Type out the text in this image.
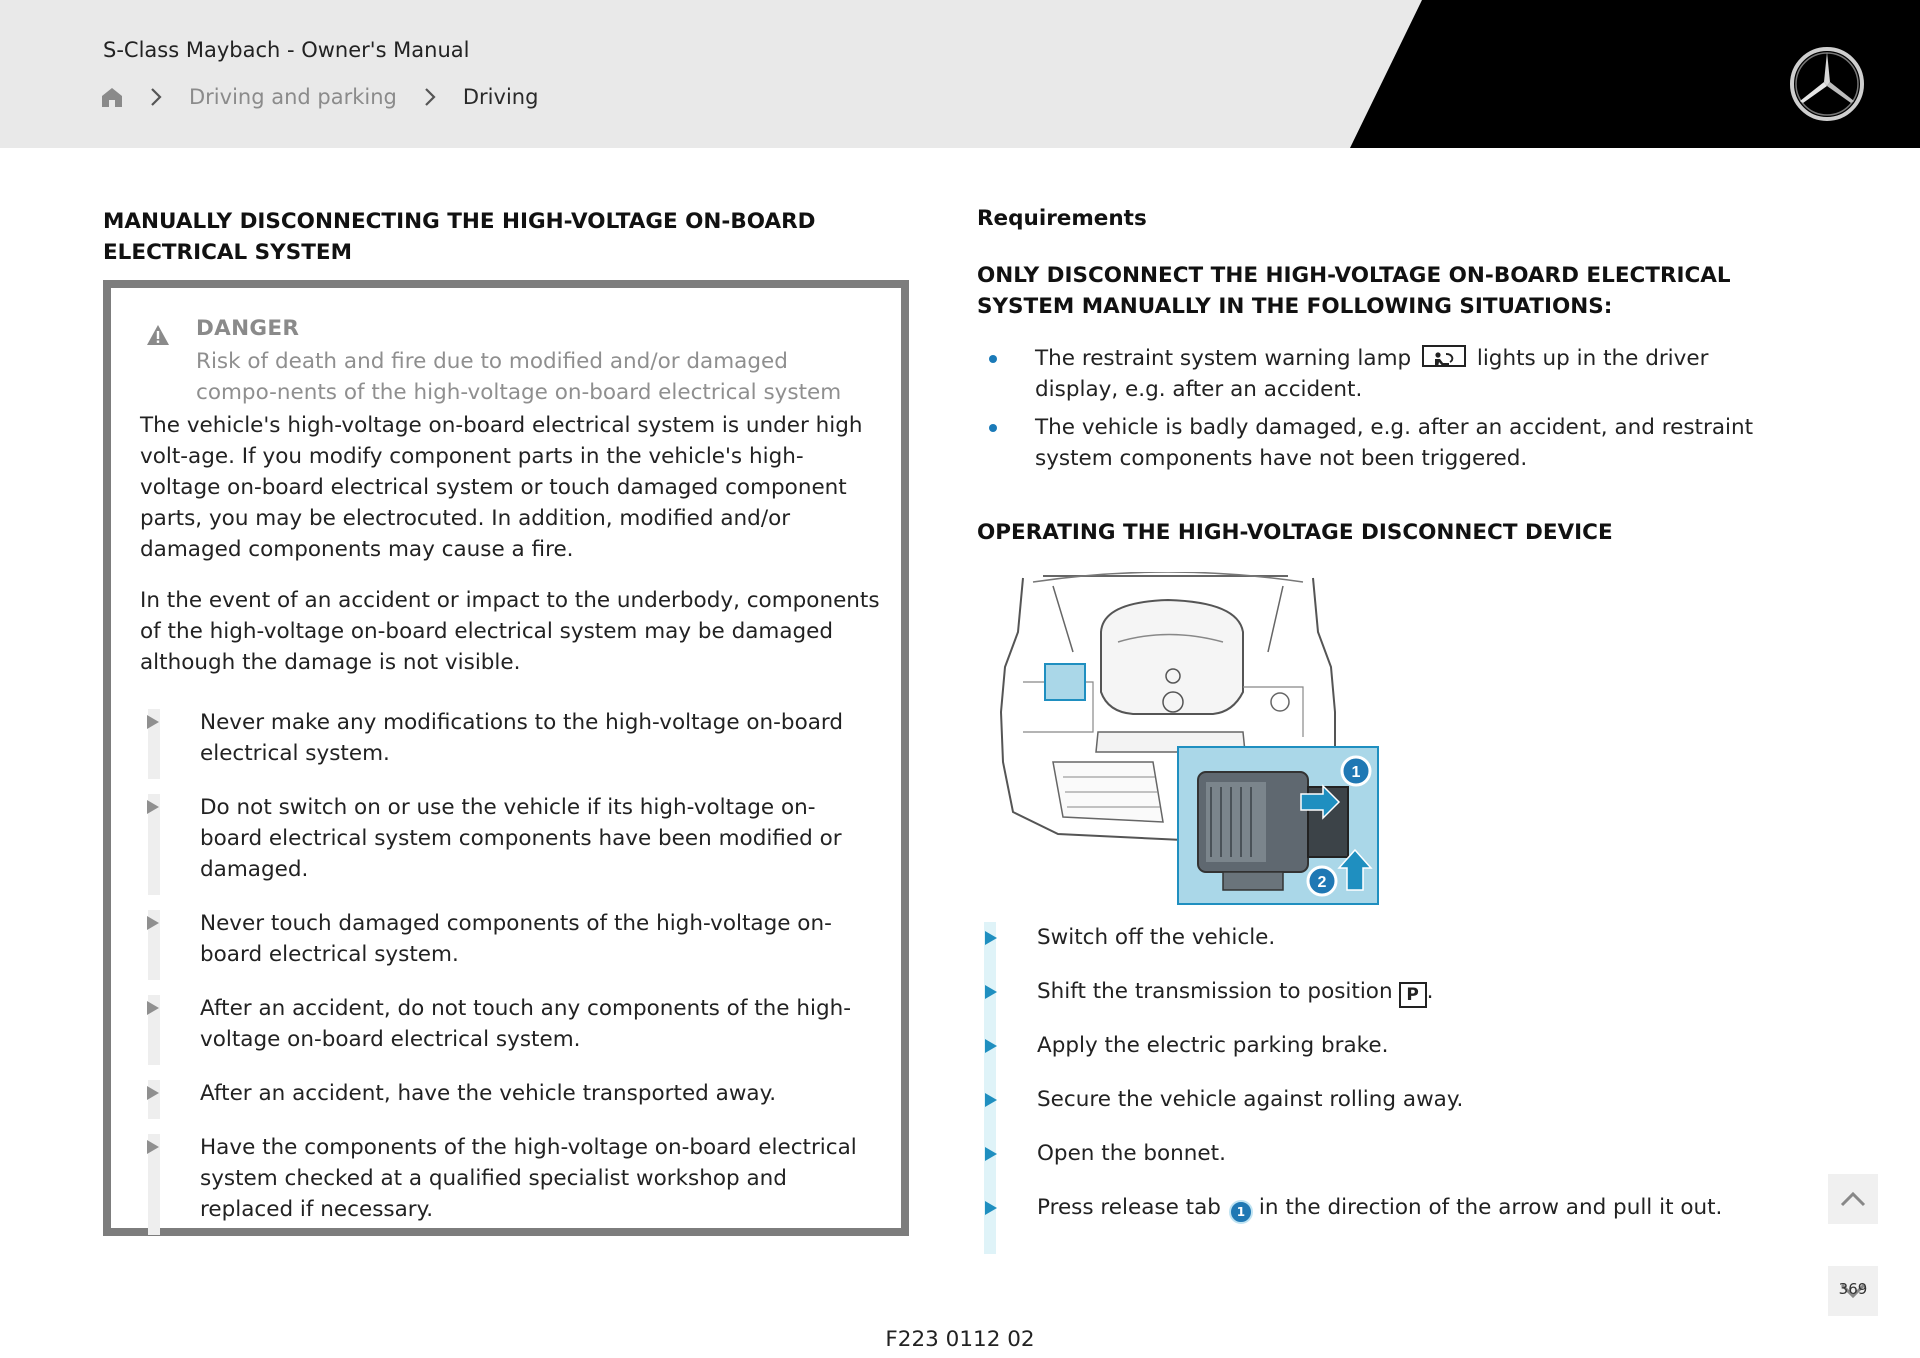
S-Class Maybach - Owner's Manual
Driving and parking	Driving
MANUALLY DISCONNECTING THE HIGH-VOLTAGE ON-BOARD ELECTRICAL SYSTEM
DANGER
Risk of death and fire due to modified and/or damaged compo-nents of the high-voltage on-board electrical system
The vehicle's high-voltage on-board electrical system is under high volt-age. If you modify component parts in the vehicle's high-voltage on-board electrical system or touch damaged component parts, you may be electrocuted. In addition, modified and/or damaged components may cause a fire.
In the event of an accident or impact to the underbody, components of the high-voltage on-board electrical system may be damaged although the damage is not visible.
Never make any modifications to the high-voltage on-board electrical system.
Do not switch on or use the vehicle if its high-voltage on-board electrical system components have been modified or damaged.
Never touch damaged components of the high-voltage on-board electrical system.
After an accident, do not touch any components of the high-voltage on-board electrical system.
After an accident, have the vehicle transported away.
Have the components of the high-voltage on-board electrical system checked at a qualified specialist workshop and replaced if necessary.
Requirements
ONLY DISCONNECT THE HIGH-VOLTAGE ON-BOARD ELECTRICAL SYSTEM MANUALLY IN THE FOLLOWING SITUATIONS:
The restraint system warning lamp	lights up in the driver display, e.g. after an accident.
The vehicle is badly damaged, e.g. after an accident, and restraint system components have not been triggered.
OPERATING THE HIGH-VOLTAGE DISCONNECT DEVICE
1
2
Switch off the vehicle.
Shift the transmission to position P .
Apply the electric parking brake.
Secure the vehicle against rolling away.
Open the bonnet.
Press release tab 1 in the direction of the arrow and pull it out.
F223 0112 02
369
